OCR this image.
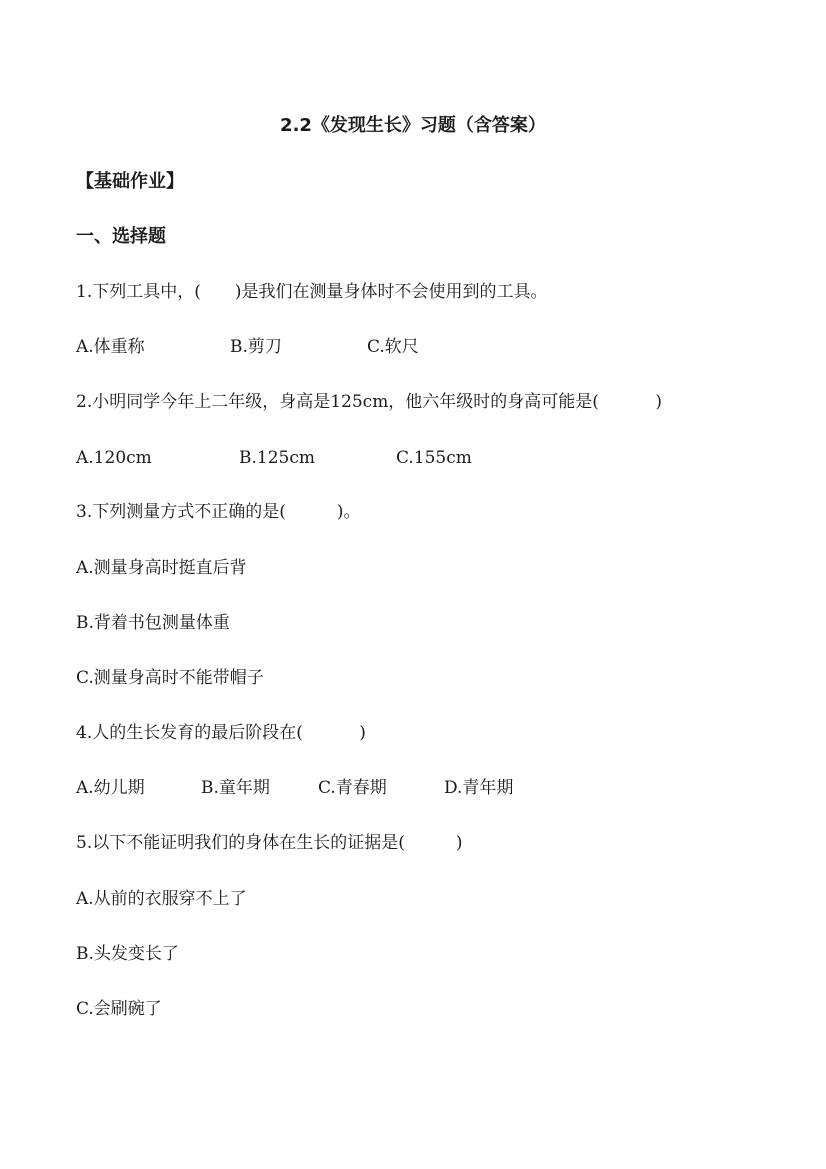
2.2《发现生长》习题（含答案）
【基础作业】
一、选择题
1.下列工具中，(　　)是我们在测量身体时不会使用到的工具。
A.体重称	B.剪刀	C.软尺
2.小明同学今年上二年级，身高是125cm，他六年级时的身高可能是(　　　 )
A.120cm	B.125cm	C.155cm
3.下列测量方式不正确的是(　　　)。
A.测量身高时挺直后背
B.背着书包测量体重
C.测量身高时不能带帽子
4.人的生长发育的最后阶段在(　　　 )
A.幼儿期	B.童年期	C.青春期	D.青年期
5.以下不能证明我们的身体在生长的证据是(　　　)
A.从前的衣服穿不上了
B.头发变长了
C.会刷碗了
